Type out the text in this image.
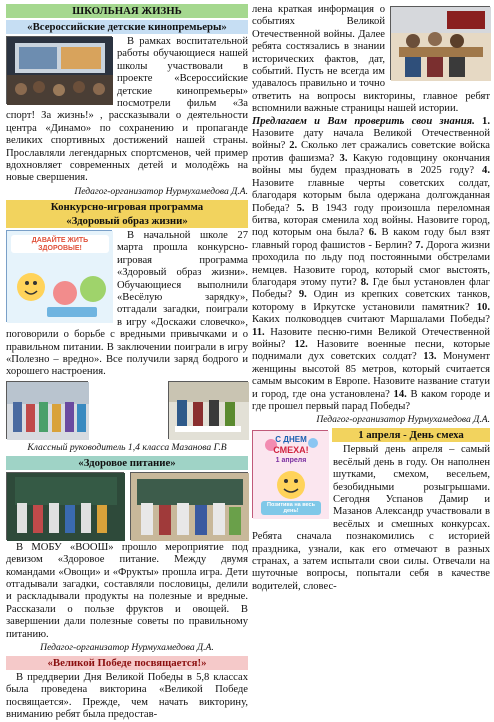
ШКОЛЬНАЯ ЖИЗНЬ
«Всероссийские детские кинопремьеры»

В рамках воспитательной работы обучающиеся нашей школы участвовали в проекте «Всероссийские детские кинопремьеры» посмотрели фильм «За спорт! За жизнь!» , рассказывали о деятельности центра «Динамо» по сохранению и пропаганде великих спортивных достижений нашей страны. Прославляли легендарных спортсменов, чей пример вдохновляет современных детей и молодёжь на новые свершения.

Педагог-организатор Нурмухамедова Д.А.

Конкурсно-игровая программа
«Здоровый образ жизни»
ДАВАЙТЕ ЖИТЬ ЗДОРОВЫЕ!

В начальной школе 27 марта прошла конкурсно-игровая программа «Здоровый образ жизни». Обучающиеся выполнили «Весёлую зарядку», отгадали загадки, поиграли в игру «Доскажи словечко», поговорили о борьбе с вредными привычками и о правильном питании. В заключении поиграли в игру «Полезно – вредно». Все получили заряд бодрого и хорошего настроения.

Классный руководитель 1,4 класса Мазанова Г.В

«Здоровое питание»

В МОБУ «ВООШ» прошло мероприятие под девизом «Здоровое питание. Между двумя командами «Овощи» и «Фрукты» прошла игра. Дети отгадывали загадки, составляли пословицы, делили и раскладывали продукты на полезные и вредные. Рассказали о пользе фруктов и овощей. В завершении дали полезные советы по правильному питанию.

Педагог-организатор Нурмухамедова Д.А.

«Великой Победе посвящается!»

В преддверии Дня Великой Победы в 5,8 классах была проведена викторина «Великой Победе посвящается». Прежде, чем начать викторину, вниманию ребят была предостав-

лена краткая информация о событиях Великой Отечественной войны. Далее ребята состязались в знании исторических фактов, дат, событий. Пусть не всегда им удавалось правильно и точно ответить на вопросы викторины, главное ребят вспомнили важные страницы нашей истории.

Предлагаем и Вам проверить свои знания. 1. Назовите дату начала Великой Отечественной войны? 2. Сколько лет сражались советские войска против фашизма? 3. Какую годовщину окончания войны мы будем праздновать в 2025 году? 4. Назовите главные черты советских солдат, благодаря которым была одержана долгожданная Победа? 5. В 1943 году произошла переломная битва, которая сменила ход войны. Назовите город, под которым она была? 6. В каком году был взят главный город фашистов - Берлин? 7. Дорога жизни проходила по льду под постоянными обстрелами немцев. Назовите город, который смог выстоять, благодаря этому пути? 8. Где был установлен флаг Победы? 9. Один из крепких советских танков, которому в Иркутске установили памятник? 10. Каких полководцев считают Маршалами Победы? 11. Назовите песню-гимн Великой Отечественной войны? 12. Назовите военные песни, которые поднимали дух советских солдат? 13. Монумент женщины высотой 85 метров, который считается самым высоким в Европе. Назовите название статуи и город, где она установлена? 14. В каком городе и где прошел первый парад Победы?

Педагог-организатор Нурмухамедова Д.А.

1 апреля - День смеха
С ДНЕМ
СМЕХА!
1 апреля
Позитива на весь день!

Первый день апреля – самый весёлый день в году. Он наполнен шутками, смехом, весельем, безобидными розыгрышами. Сегодня Успанов Дамир и Мазанов Александр участвовали в весёлых и смешных конкурсах. Ребята сначала познакомились с историей праздника, узнали, как его отмечают в разных странах, а затем испытали свои силы. Отвечали на шуточные вопросы, попытали себя в качестве водителей, словес-
